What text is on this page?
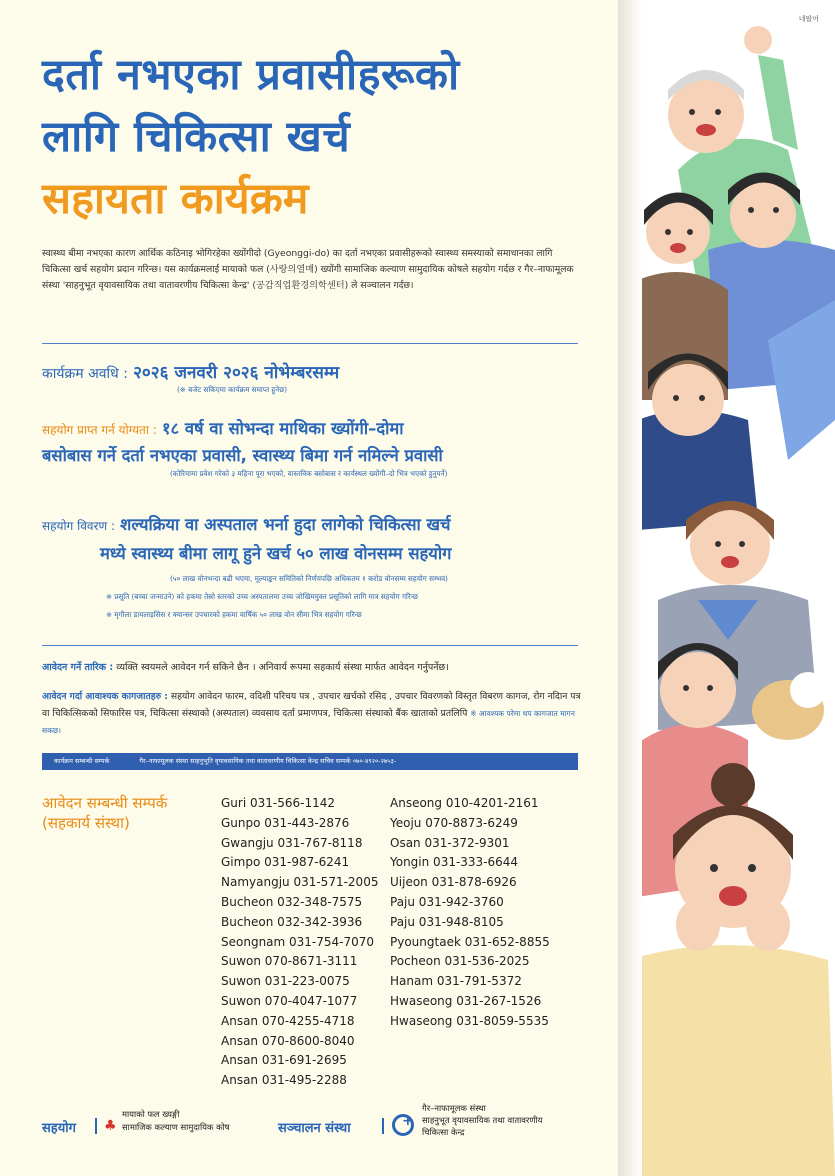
네팔어
दर्ता नभएका प्रवासीहरूको
लागि चिकित्सा खर्च
सहायता कार्यक्रम
स्वास्थ्य बीमा नभएका कारण आर्थिक कठिनाइ भोगिरहेका ख्योंगीदो (Gyeonggi-do) का दर्ता नभएका प्रवासीहरूको स्वास्थ्य समस्याको समाधानका लागि चिकित्सा खर्च सहयोग प्रदान गरिन्छ। यस कार्यक्रमलाई मायाको फल (사랑의열매) ख्योंगी सामाजिक कल्याण सामुदायिक कोषले सहयोग गर्दछ र गैर–नाफामूलक संस्था 'साहनुभूत वृयावसायिक तथा वातावरणीय चिकित्सा केन्द्र' (공감직업환경의학센터) ले सञ्चालन गर्दछ।
कार्यक्रम अवधि : २०२६ जनवरी २०२६ नोभेम्बरसम्म
(※ बजेट सकिएमा कार्यक्रम समाप्त हुनेछ)
सहयोग प्राप्त गर्न योग्यता : १८ वर्ष वा सोभन्दा माथिका ख्योंगी–दोमा
बसोबास गर्ने दर्ता नभएका प्रवासी, स्वास्थ्य बिमा गर्न नमिल्ने प्रवासी
(कोरियामा प्रवेश गरेको ३ महिना पूरा भएको, वास्तविक बसोबास र कार्यस्थल ख्योंगी–दो भित्र भएको हुनुपर्ने)
सहयोग विवरण : शल्यक्रिया वा अस्पताल भर्ना हुदा लागेको चिकित्सा खर्च
मध्ये स्वास्थ्य बीमा लागू हुने खर्च ५० लाख वोनसम्म सहयोग
(५० लाख वोनभन्दा बढी भएमा, मूल्याङ्कन समितिको निर्णयपछि अधिकतम १ करोड वोनसम्म सहयोग सम्भव)
※ प्रसूति (बच्चा जन्माउने) को हकमा तेस्रो स्तरको उच्च अस्पतालमा उच्च जोखिमयुक्त प्रसूतिको लागि मात्र सहयोग गरिन्छ
※ मृगौला डायलाइसिस र क्यान्सर उपचारको हकमा वार्षिक ५० लाख वोन सीमा भित्र सहयोग गरिन्छ
आवेदन गर्ने तारिक : व्यक्ति स्वयमले आवेदन गर्न सकिने छैन । अनिवार्य रूपमा सहकार्य संस्था मार्फत आवेदन गर्नुपर्नेछ।
आवेदन गर्दा आवाश्यक कागजातहरु : सहयोग आवेदन फारम, वदिशी परिचय पत्र , उपचार खर्चको रसिद , उपचार विवरणको विस्तृत विबरण कागज, रोग नदिान पत्र वा चिकित्सिकको सिफारिस पत्र, चिकित्सा संस्थाको (अस्पताल) व्यवसाय दर्ता प्रमाणपत्र, चिकित्सा संस्थाको बैंक खाताको प्रतलिपि ※ आवश्यक परेमा थप कागजात मागन सकछ।
कार्यक्रम सम्बन्धी सम्पर्क	गैर–नाफामूलक संस्था साहनुभूति वृयावसायिक तथा वातावरणीय चिकित्सा केन्द्र सचिव सम्पर्क ०७०-४९२०-२७५३-
आवेदन सम्बन्धी सम्पर्क
(सहकार्य संस्था)
Guri 031-566-1142
Gunpo 031-443-2876
Gwangju 031-767-8118
Gimpo 031-987-6241
Namyangju 031-571-2005
Bucheon 032-348-7575
Bucheon 032-342-3936
Seongnam 031-754-7070
Suwon 070-8671-3111
Suwon 031-223-0075
Suwon 070-4047-1077
Ansan 070-4255-4718
Ansan 070-8600-8040
Ansan 031-691-2695
Ansan 031-495-2288
Anseong 010-4201-2161
Yeoju 070-8873-6249
Osan 031-372-9301
Yongin 031-333-6644
Uijeon 031-878-6926
Paju 031-942-3760
Paju 031-948-8105
Pyoungtaek 031-652-8855
Pocheon 031-536-2025
Hanam 031-791-5372
Hwaseong 031-267-1526
Hwaseong 031-8059-5535
सहयोग ♣
मायाको फल ख्यङ्गी
सामाजिक कल्याण सामुदायिक कोष	सञ्चालन संस्था
+
गैर–नाफामूलक संस्था
साहनुभूत वृयावसायिक तथा वातावरणीय
चिकित्सा केन्द्र
